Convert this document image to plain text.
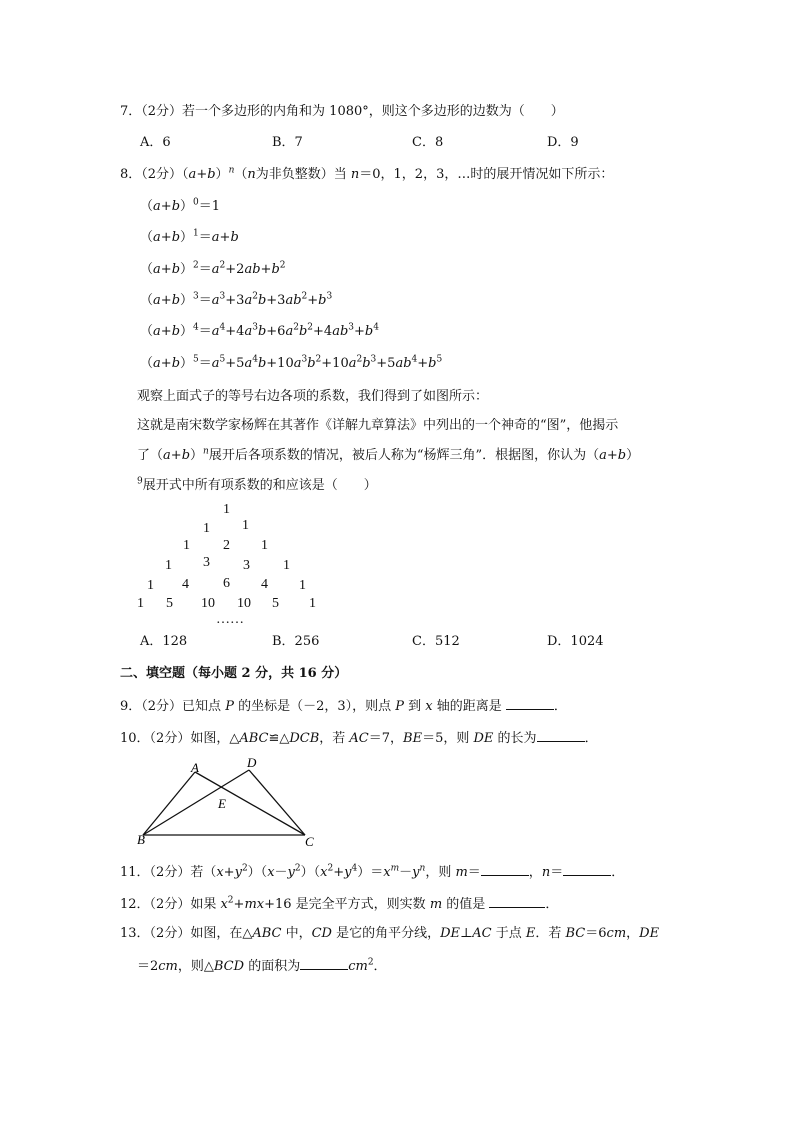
7．（2分）若一个多边形的内角和为 1080°，则这个多边形的边数为（　　）
A．6	B．7	C．8	D．9
8．（2分）$(a+b)^n(n$为非负整数）当 n＝0，1，2，3，…时的展开情况如下所示：
$(a+b)^0=1$
$(a+b)^1=a+b$
$(a+b)^2=a^2+2ab+b^2$
$(a+b)^3=a^3+3a^2b+3ab^2+b^3$
$(a+b)^4=a^4+4a^3b+6a^2b^2+4ab^3+b^4$
$(a+b)^5=a^5+5a^4b+10a^3b^2+10a^2b^3+5ab^4+b^5$
观察上面式子的等号右边各项的系数，我们得到了如图所示：
这就是南宋数学家杨辉在其著作《详解九章算法》中列出的一个神奇的“图”，他揭示
了$(a+b)^n$展开后各项系数的情况，被后人称为“杨辉三角”．根据图，你认为（a+b）
$^9$展开式中所有项系数的和应该是（　　）
1
1 1
1 2 1
1 3 3 1
1 4 6 4 1
1 5 10 10 5 1
……
A．128	B．256	C．512	D．1024
二、填空题（每小题 2 分，共 16 分）
9．（2分）已知点 P 的坐标是（－2，3），则点 P 到 x 轴的距离是	．
10．（2分）如图，△ABC≌△DCB，若 AC＝7，BE＝5，则 DE 的长为	．
A	D
E
B	C
11．（2分）若$(x+y^2)(x-y^2)(x^2+y^4)=x^m-y^n$，则 m＝	，n＝	．
12．（2分）如果 $x^2+mx+16$ 是完全平方式，则实数 m 的值是	．
13．（2分）如图，在△ABC 中，CD 是它的角平分线，DE⊥AC 于点 E．若 BC＝6cm，DE
＝2cm，则△BCD 的面积为	$cm^2$．
